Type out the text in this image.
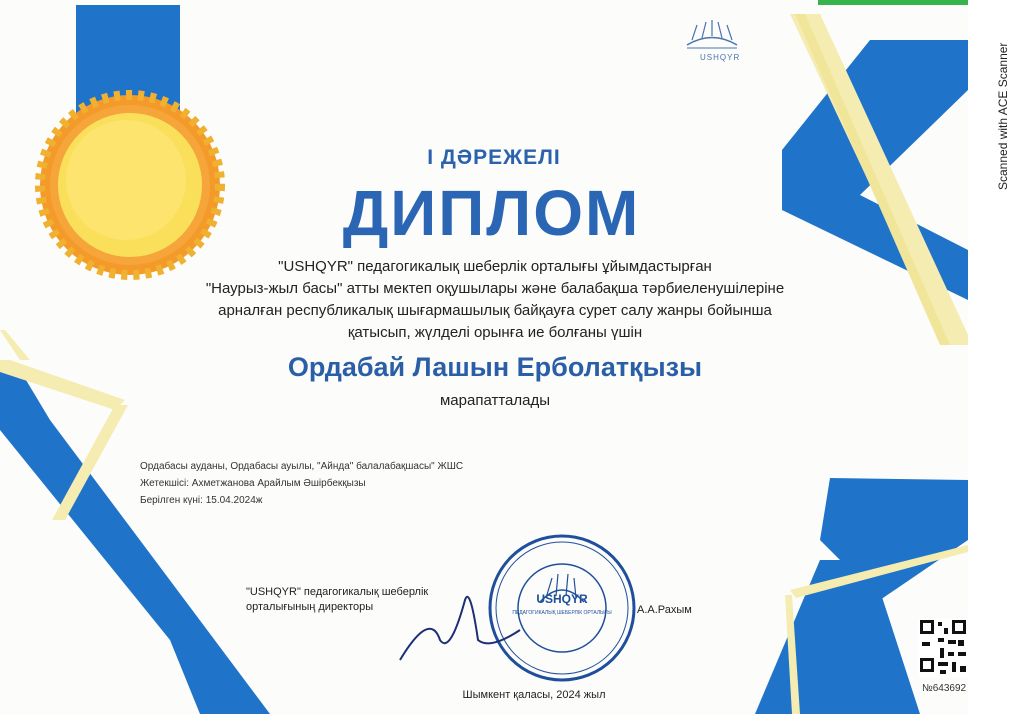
USHQYR
ПЕДАГОГИКАЛЫҚ ШЕБЕРЛІК ОРТАЛЫҒЫ
USHQYR
I ДӘРЕЖЕЛІ
ДИПЛОМ
"USHQYR" педагогикалық шеберлік орталығы ұйымдастырған
"Наурыз-жыл басы" атты мектеп оқушылары және балабақша тәрбиеленушілеріне
арналған республикалық шығармашылық байқауға сурет салу жанры бойынша
қатысып, жүлделі орынға ие болғаны үшін
Ордабай Лашын Ерболатқызы
марапатталады
Ордабасы ауданы, Ордабасы ауылы, "Айнда" балалабақшасы" ЖШС
Жетекшісі: Ахметжанова Арайлым Әшірбекқызы
Берілген күні: 15.04.2024ж
"USHQYR" педагогикалық шеберлік
орталығының директоры	А.А.Рахым
Шымкент қаласы, 2024 жыл
№643692
Scanned with ACE Scanner
